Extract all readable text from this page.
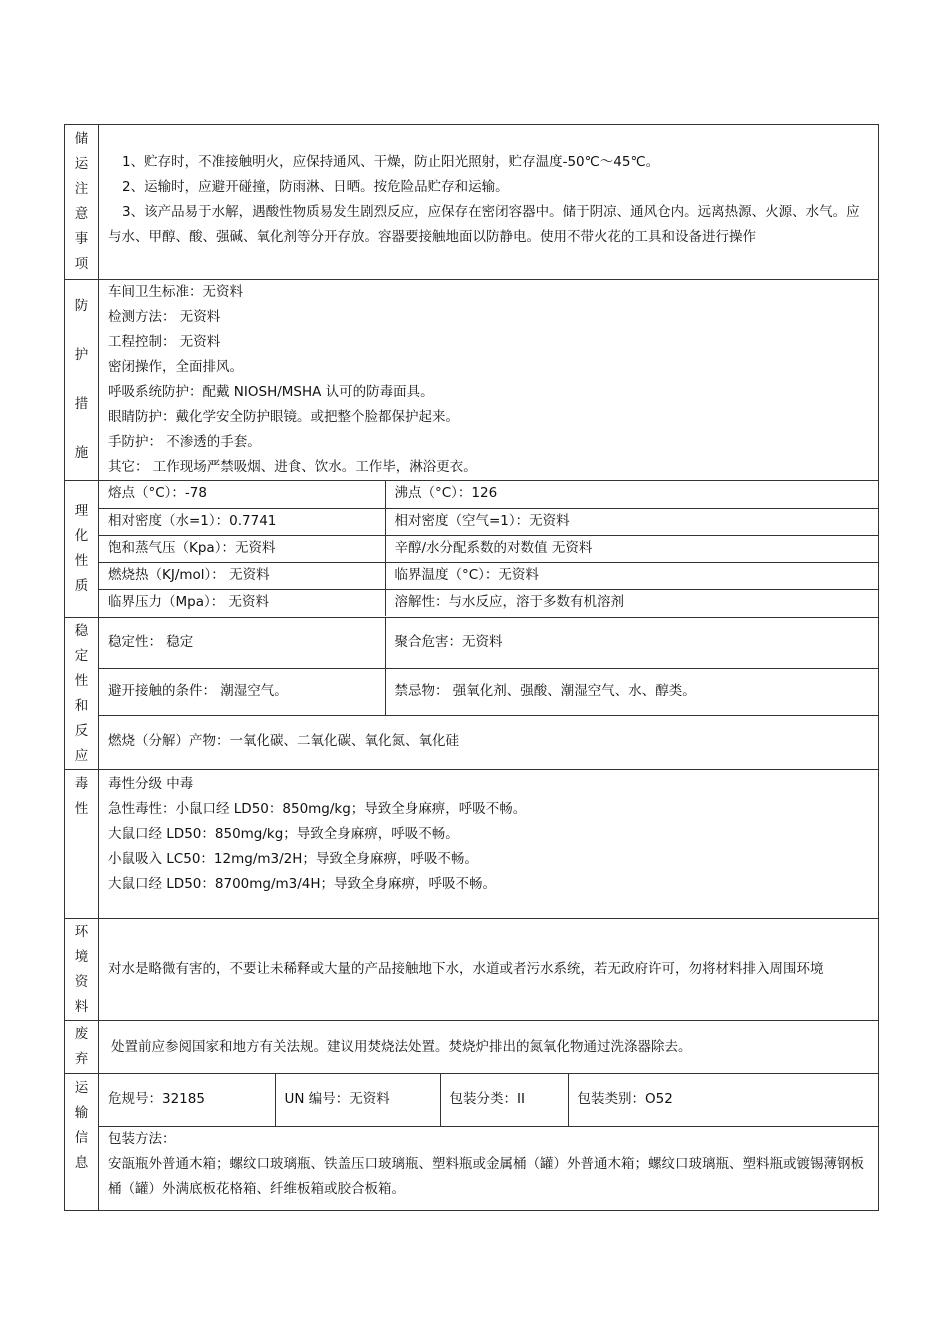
储
运
注
意
事
项

1、贮存时，不准接触明火，应保持通风、干燥，防止阳光照射，贮存温度-50℃～45℃。
2、运输时，应避开碰撞，防雨淋、日晒。按危险品贮存和运输。
3、该产品易于水解，遇酸性物质易发生剧烈反应，应保存在密闭容器中。储于阴凉、通风仓内。远离热源、火源、水气。应与水、甲醇、酸、强碱、氧化剂等分开存放。容器要接触地面以防静电。使用不带火花的工具和设备进行操作

防
护
措
施

车间卫生标准：无资料
检测方法： 无资料
工程控制： 无资料
密闭操作，全面排风。
呼吸系统防护：配戴 NIOSH/MSHA 认可的防毒面具。
眼睛防护：戴化学安全防护眼镜。或把整个脸都保护起来。
手防护： 不渗透的手套。
其它： 工作现场严禁吸烟、进食、饮水。工作毕，淋浴更衣。

理
化
性
质

熔点（°C）：-78	沸点（°C）：126
相对密度（水=1）：0.7741	相对密度（空气=1）：无资料
饱和蒸气压（Kpa）：无资料	辛醇/水分配系数的对数值 无资料
燃烧热（KJ/mol）： 无资料	临界温度（°C）：无资料
临界压力（Mpa）： 无资料	溶解性：与水反应，溶于多数有机溶剂

稳
定
性
和
反
应

稳定性： 稳定	聚合危害：无资料
避开接触的条件： 潮湿空气。	禁忌物： 强氧化剂、强酸、潮湿空气、水、醇类。
燃烧（分解）产物：一氧化碳、二氧化碳、氧化氮、氧化硅

毒
性

毒性分级 中毒
急性毒性：小鼠口经 LD50：850mg/kg；导致全身麻痹，呼吸不畅。
大鼠口经 LD50：850mg/kg；导致全身麻痹，呼吸不畅。
小鼠吸入 LC50：12mg/m3/2H；导致全身麻痹，呼吸不畅。
大鼠口经 LD50：8700mg/m3/4H；导致全身麻痹，呼吸不畅。

环
境
资
料

对水是略微有害的，不要让未稀释或大量的产品接触地下水，水道或者污水系统，若无政府许可，勿将材料排入周围环境

废
弃

处置前应参阅国家和地方有关法规。建议用焚烧法处置。焚烧炉排出的氮氧化物通过洗涤器除去。

运
输
信
息

危规号：32185	UN 编号：无资料	包装分类：II	包装类别：O52

包装方法：
安瓿瓶外普通木箱；螺纹口玻璃瓶、铁盖压口玻璃瓶、塑料瓶或金属桶（罐）外普通木箱；螺纹口玻璃瓶、塑料瓶或镀锡薄钢板桶（罐）外满底板花格箱、纤维板箱或胶合板箱。
